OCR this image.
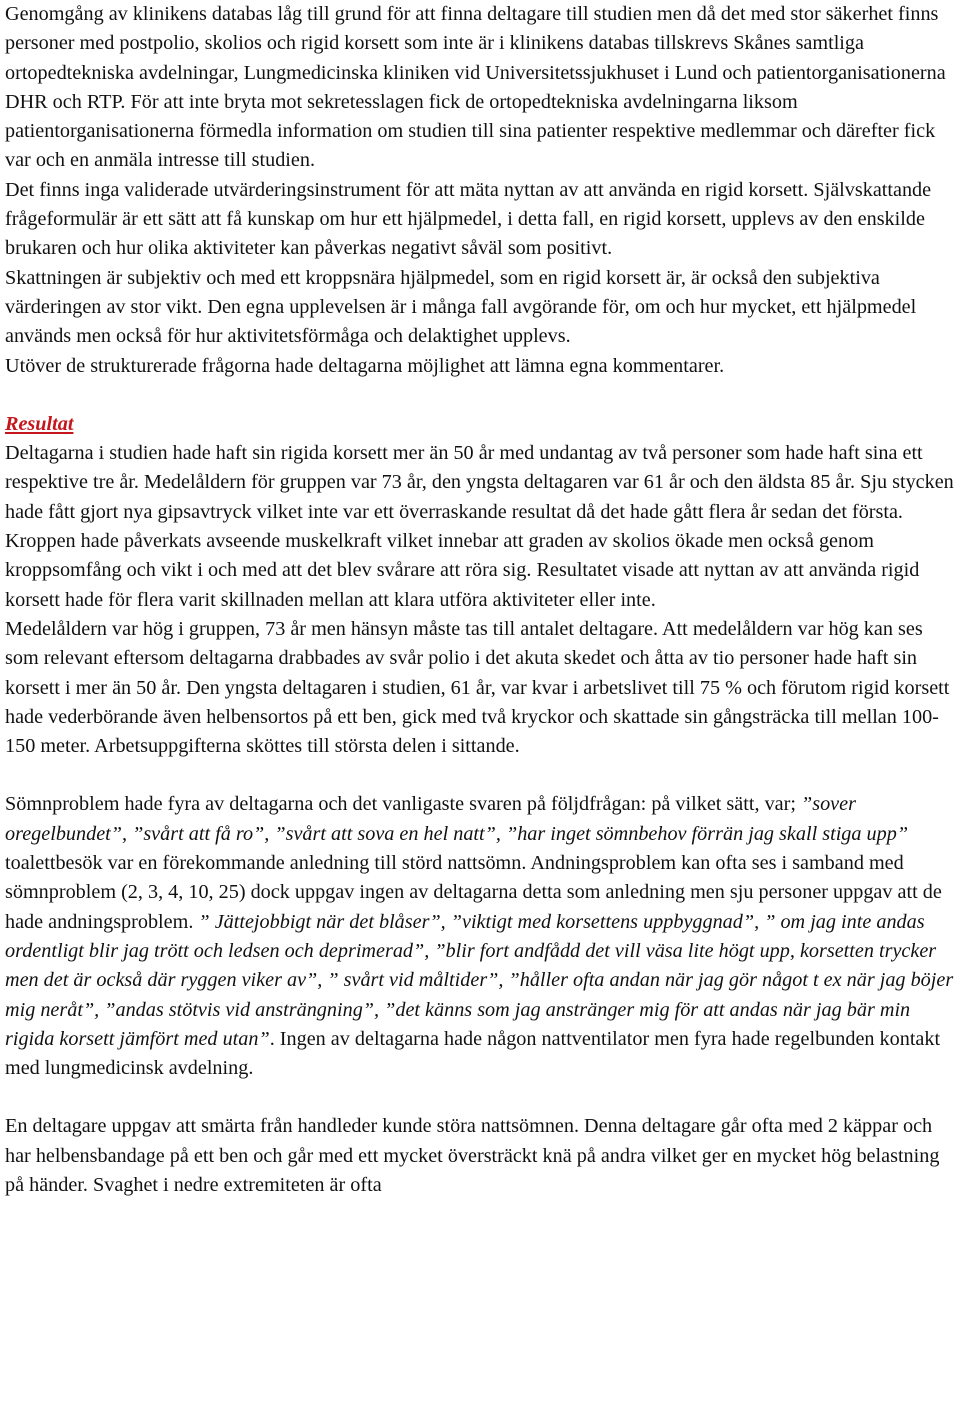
Genomgång av klinikens databas låg till grund för att finna deltagare till studien men då det med stor säkerhet finns personer med postpolio, skolios och rigid korsett som inte är i klinikens databas tillskrevs Skånes samtliga ortopedtekniska avdelningar, Lungmedicinska kliniken vid Universitetssjukhuset i Lund och patientorganisationerna DHR och RTP. För att inte bryta mot sekretesslagen fick de ortopedtekniska avdelningarna liksom patientorganisationerna förmedla information om studien till sina patienter respektive medlemmar och därefter fick var och en anmäla intresse till studien.

Det finns inga validerade utvärderingsinstrument för att mäta nyttan av att använda en rigid korsett. Självskattande frågeformulär är ett sätt att få kunskap om hur ett hjälpmedel, i detta fall, en rigid korsett, upplevs av den enskilde brukaren och hur olika aktiviteter kan påverkas negativt såväl som positivt.

Skattningen är subjektiv och med ett kroppsnära hjälpmedel, som en rigid korsett är, är också den subjektiva värderingen av stor vikt. Den egna upplevelsen är i många fall avgörande för, om och hur mycket, ett hjälpmedel används men också för hur aktivitetsförmåga och delaktighet upplevs.

Utöver de strukturerade frågorna hade deltagarna möjlighet att lämna egna kommentarer.

Resultat

Deltagarna i studien hade haft sin rigida korsett mer än 50 år med undantag av två personer som hade haft sina ett respektive tre år. Medelåldern för gruppen var 73 år, den yngsta deltagaren var 61 år och den äldsta 85 år. Sju stycken hade fått gjort nya gipsavtryck vilket inte var ett överraskande resultat då det hade gått flera år sedan det första. Kroppen hade påverkats avseende muskelkraft vilket innebar att graden av skolios ökade men också genom kroppsomfång och vikt i och med att det blev svårare att röra sig. Resultatet visade att nyttan av att använda rigid korsett hade för flera varit skillnaden mellan att klara utföra aktiviteter eller inte.

Medelåldern var hög i gruppen, 73 år men hänsyn måste tas till antalet deltagare. Att medelåldern var hög kan ses som relevant eftersom deltagarna drabbades av svår polio i det akuta skedet och åtta av tio personer hade haft sin korsett i mer än 50 år. Den yngsta deltagaren i studien, 61 år, var kvar i arbetslivet till 75 % och förutom rigid korsett hade vederbörande även helbensortos på ett ben, gick med två kryckor och skattade sin gångsträcka till mellan 100-150 meter. Arbetsuppgifterna sköttes till största delen i sittande.

Sömnproblem hade fyra av deltagarna och det vanligaste svaren på följdfrågan: på vilket sätt, var; ”sover oregelbundet”, ”svårt att få ro”, ”svårt att sova en hel natt”, ”har inget sömnbehov förrän jag skall stiga upp” toalettbesök var en förekommande anledning till störd nattsömn. Andningsproblem kan ofta ses i samband med sömnproblem (2, 3, 4, 10, 25) dock uppgav ingen av deltagarna detta som anledning men sju personer uppgav att de hade andningsproblem. ” Jättejobbigt när det blåser”, ”viktigt med korsettens uppbyggnad”, ” om jag inte andas ordentligt blir jag trött och ledsen och deprimerad”, ”blir fort andfådd det vill väsa lite högt upp, korsetten trycker men det är också där ryggen viker av”, ” svårt vid måltider”, ”håller ofta andan när jag gör något t ex när jag böjer mig neråt”, ”andas stötvis vid ansträngning”, ”det känns som jag anstränger mig för att andas när jag bär min rigida korsett jämfört med utan”. Ingen av deltagarna hade någon nattventilator men fyra hade regelbunden kontakt med lungmedicinsk avdelning.

En deltagare uppgav att smärta från handleder kunde störa nattsömnen. Denna deltagare går ofta med 2 käppar och har helbensbandage på ett ben och går med ett mycket översträckt knä på andra vilket ger en mycket hög belastning på händer. Svaghet i nedre extremiteten är ofta
